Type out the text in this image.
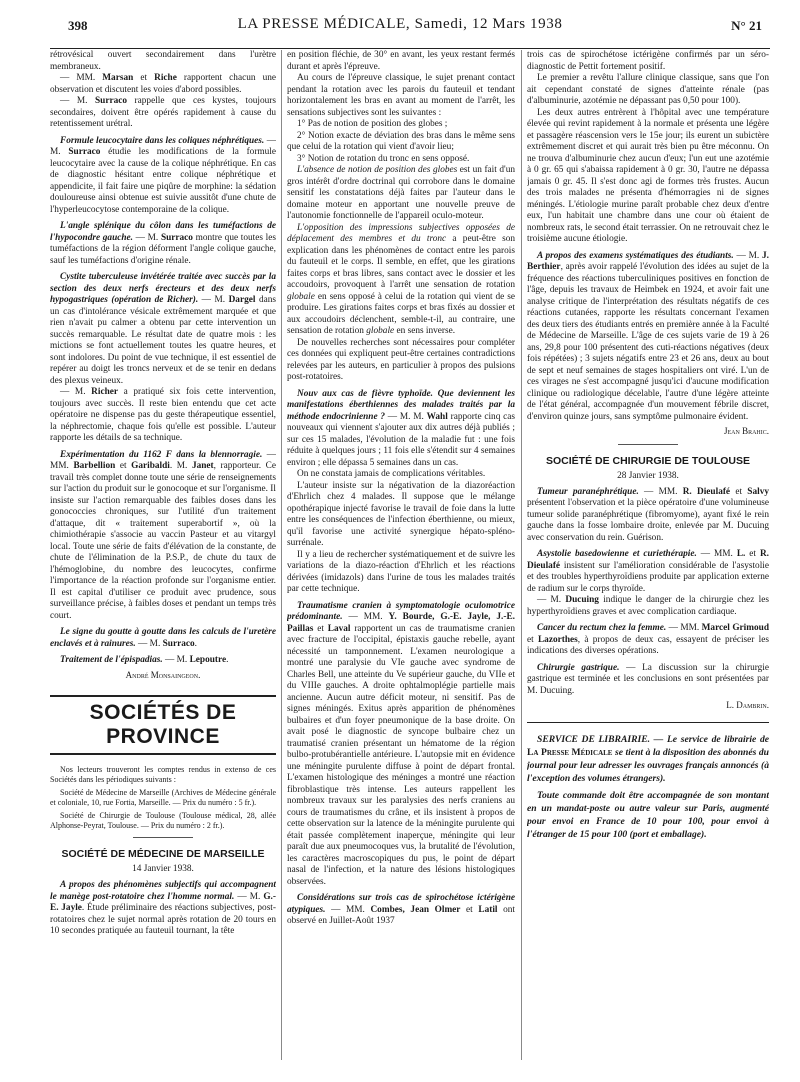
398	LA PRESSE MÉDICALE, Samedi, 12 Mars 1938	N° 21

rétrovésical ouvert secondairement dans l'urètre membraneux.

— MM. Marsan et Riche rapportent chacun une observation et discutent les voies d'abord possibles.

— M. Surraco rappelle que ces kystes, toujours secondaires, doivent être opérés rapidement à cause du retentissement urétral.

Formule leucocytaire dans les coliques néphrétiques. — M. Surraco étudie les modifications de la formule leucocytaire avec la cause de la colique néphrétique. En cas de diagnostic hésitant entre colique néphrétique et appendicite, il fait faire une piqûre de morphine: la sédation douloureuse ainsi obtenue est suivie aussitôt d'une chute de l'hyperleucocytose contemporaine de la colique.

L'angle splénique du côlon dans les tuméfactions de l'hypocondre gauche. — M. Surraco montre que toutes les tuméfactions de la région déforment l'angle colique gauche, sauf les tuméfactions d'origine rénale.

Cystite tuberculeuse invétérée traitée avec succès par la section des deux nerfs érecteurs et des deux nerfs hypogastriques (opération de Richer). — M. Dargel dans un cas d'intolérance vésicale extrêmement marquée et que rien n'avait pu calmer a obtenu par cette intervention un succès remarquable. Le résultat date de quatre mois : les mictions se font actuellement toutes les quatre heures, et sont indolores. Du point de vue technique, il est essentiel de repérer au doigt les troncs nerveux et de se tenir en dedans des plexus veineux.

— M. Richer a pratiqué six fois cette intervention, toujours avec succès. Il reste bien entendu que cet acte opératoire ne dispense pas du geste thérapeutique essentiel, la néphrectomie, chaque fois qu'elle est possible. L'auteur rapporte les détails de sa technique.

Expérimentation du 1162 F dans la blennorragie. — MM. Barbellion et Garibaldi. M. Janet, rapporteur. Ce travail très complet donne toute une série de renseignements sur l'action du produit sur le gonocoque et sur l'organisme. Il insiste sur l'action remarquable des faibles doses dans les gonococcies chroniques, sur l'utilité d'un traitement d'attaque, dit « traitement superabortif », où la chimiothérapie s'associe au vaccin Pasteur et au vitargyl local. Toute une série de faits d'élévation de la constante, de chute de l'élimination de la P.S.P., de chute du taux de l'hémoglobine, du nombre des leucocytes, confirme l'importance de la réaction profonde sur l'organisme entier. Il est capital d'utiliser ce produit avec prudence, sous surveillance précise, à faibles doses et pendant un temps très court.

Le signe du goutte à goutte dans les calculs de l'uretère enclavés et à rainures. — M. Surraco.

Traitement de l'épispadias. — M. Lepoutre.

André Monsaingeon.

SOCIÉTÉS DE PROVINCE

Nos lecteurs trouveront les comptes rendus in extenso de ces Sociétés dans les périodiques suivants :

Société de Médecine de Marseille (Archives de Médecine générale et coloniale, 10, rue Fortia, Marseille. — Prix du numéro : 5 fr.).

Société de Chirurgie de Toulouse (Toulouse médical, 28, allée Alphonse-Peyrat, Toulouse. — Prix du numéro : 2 fr.).

SOCIÉTÉ DE MÉDECINE DE MARSEILLE
14 Janvier 1938.

A propos des phénomènes subjectifs qui accompagnent le manège post-rotatoire chez l'homme normal. — M. G.-E. Jayle. Étude préliminaire des réactions subjectives, post-rotatoires chez le sujet normal après rotation de 20 tours en 10 secondes pratiquée au fauteuil tournant, la tête

en position fléchie, de 30° en avant, les yeux restant fermés durant et après l'épreuve.

Au cours de l'épreuve classique, le sujet prenant contact pendant la rotation avec les parois du fauteuil et tendant horizontalement les bras en avant au moment de l'arrêt, les sensations subjectives sont les suivantes :

1° Pas de notion de position des globes ;

2° Notion exacte de déviation des bras dans le même sens que celui de la rotation qui vient d'avoir lieu;

3° Notion de rotation du tronc en sens opposé.

L'absence de notion de position des globes est un fait d'un gros intérêt d'ordre doctrinal qui corrobore dans le domaine sensitif les constatations déjà faites par l'auteur dans le domaine moteur en apportant une nouvelle preuve de l'autonomie fonctionnelle de l'appareil oculo-moteur.

L'opposition des impressions subjectives opposées de déplacement des membres et du tronc a peut-être son explication dans les phénomènes de contact entre les parois du fauteuil et le corps. Il semble, en effet, que les girations faites corps et bras libres, sans contact avec le dossier et les accoudoirs, provoquent à l'arrêt une sensation de rotation globale en sens opposé à celui de la rotation qui vient de se produire. Les girations faites corps et bras fixés au dossier et aux accoudoirs déclenchent, semble-t-il, au contraire, une sensation de rotation globale en sens inverse.

De nouvelles recherches sont nécessaires pour compléter ces données qui expliquent peut-être certaines contradictions relevées par les auteurs, en particulier à propos des pulsions post-rotatoires.

Nouv aux cas de fièvre typhoïde. Que deviennent les manifestations éberthiennes des malades traités par la méthode endocrinienne ? — M. M. Wahl rapporte cinq cas nouveaux qui viennent s'ajouter aux dix autres déjà publiés ; sur ces 15 malades, l'évolution de la maladie fut : une fois réduite à quelques jours ; 11 fois elle s'étendit sur 4 semaines environ ; elle dépassa 5 semaines dans un cas.

On ne constata jamais de complications véritables.

L'auteur insiste sur la négativation de la diazoréaction d'Ehrlich chez 4 malades. Il suppose que le mélange opothérapique injecté favorise le travail de foie dans la lutte entre les conséquences de l'infection éberthienne, ou mieux, qu'il favorise une activité synergique hépato-spléno-surrénale.

Il y a lieu de rechercher systématiquement et de suivre les variations de la diazo-réaction d'Ehrlich et les réactions dérivées (imidazols) dans l'urine de tous les malades traités par cette technique.

Traumatisme cranien à symptomatologie oculomotrice prédominante. — MM. Y. Bourde, G.-E. Jayle, J.-E. Paillas et Laval rapportent un cas de traumatisme cranien avec fracture de l'occipital, épistaxis gauche rebelle, ayant nécessité un tamponnement. L'examen neurologique a montré une paralysie du VIe gauche avec syndrome de Charles Bell, une atteinte du Ve supérieur gauche, du VIIe et du VIIIe gauches. A droite ophtalmoplégie partielle mais ancienne. Aucun autre déficit moteur, ni sensitif. Pas de signes méningés. Exitus après apparition de phénomènes bulbaires et d'un foyer pneumonique de la base droite. On avait posé le diagnostic de syncope bulbaire chez un traumatisé cranien présentant un hématome de la région bulbo-protubérantielle antérieure. L'autopsie mit en évidence une méningite purulente diffuse à point de départ frontal. L'examen histologique des méninges a montré une réaction fibroblastique très intense. Les auteurs rappellent les nombreux travaux sur les paralysies des nerfs craniens au cours de traumatismes du crâne, et ils insistent à propos de cette observation sur la latence de la méningite purulente qui était passée complètement inaperçue, méningite qui leur paraît due aux pneumocoques vus, la brutalité de l'évolution, les caractères macroscopiques du pus, le point de départ nasal de l'infection, et la nature des lésions histologiques observées.

Considérations sur trois cas de spirochétose ictérigène atypiques. — MM. Combes, Jean Olmer et Latil ont observé en Juillet-Août 1937

trois cas de spirochétose ictérigène confirmés par un séro-diagnostic de Pettit fortement positif.

Le premier a revêtu l'allure clinique classique, sans que l'on ait cependant constaté de signes d'atteinte rénale (pas d'albuminurie, azotémie ne dépassant pas 0,50 pour 100).

Les deux autres entrèrent à l'hôpital avec une température élevée qui revint rapidement à la normale et présenta une légère et passagère réascension vers le 15e jour; ils eurent un subictère extrêmement discret et qui aurait très bien pu être méconnu. On ne trouva d'albuminurie chez aucun d'eux; l'un eut une azotémie à 0 gr. 65 qui s'abaissa rapidement à 0 gr. 30, l'autre ne dépassa jamais 0 gr. 45. Il s'est donc agi de formes très frustes. Aucun des trois malades ne présenta d'hémorragies ni de signes méningés. L'étiologie murine paraît probable chez deux d'entre eux, l'un habitait une chambre dans une cour où étaient de nombreux rats, le second était terrassier. On ne retrouvait chez le troisième aucune étiologie.

A propos des examens systématiques des étudiants. — M. J. Berthier, après avoir rappelé l'évolution des idées au sujet de la fréquence des réactions tuberculiniques positives en fonction de l'âge, depuis les travaux de Heimbek en 1924, et avoir fait une analyse critique de l'interprétation des résultats négatifs de ces réactions cutanées, rapporte les résultats concernant l'examen des deux tiers des étudiants entrés en première année à la Faculté de Médecine de Marseille. L'âge de ces sujets varie de 19 à 26 ans, 29,8 pour 100 présentent des cuti-réactions négatives (deux fois répétées) ; 3 sujets négatifs entre 23 et 26 ans, deux au bout de sept et neuf semaines de stages hospitaliers ont viré. L'un de ces virages ne s'est accompagné jusqu'ici d'aucune modification clinique ou radiologique décelable, l'autre d'une légère atteinte de l'état général, accompagnée d'un mouvement fébrile discret, d'environ quinze jours, sans symptôme pulmonaire évident.

Jean Brahic.

SOCIÉTÉ DE CHIRURGIE DE TOULOUSE
28 Janvier 1938.

Tumeur paranéphrétique. — MM. R. Dieulafé et Salvy présentent l'observation et la pièce opératoire d'une volumineuse tumeur solide paranéphrétique (fibromyome), ayant fixé le rein gauche dans la fosse lombaire droite, enlevée par M. Ducuing avec conservation du rein. Guérison.

Asystolie basedowienne et curiethérapie. — MM. L. et R. Dieulafé insistent sur l'amélioration considérable de l'asystolie et des troubles hyperthyroïdiens produite par application externe de radium sur le corps thyroïde.

— M. Ducuing indique le danger de la chirurgie chez les hyperthyroïdiens graves et avec complication cardiaque.

Cancer du rectum chez la femme. — MM. Marcel Grimoud et Lazorthes, à propos de deux cas, essayent de préciser les indications des diverses opérations.

Chirurgie gastrique. — La discussion sur la chirurgie gastrique est terminée et les conclusions en sont présentées par M. Ducuing.

L. Dambrin.

SERVICE DE LIBRAIRIE. — Le service de librairie de La Presse Médicale se tient à la disposition des abonnés du journal pour leur adresser les ouvrages français annoncés (à l'exception des volumes étrangers).

Toute commande doit être accompagnée de son montant en un mandat-poste ou autre valeur sur Paris, augmenté pour envoi en France de 10 pour 100, pour envoi à l'étranger de 15 pour 100 (port et emballage).
